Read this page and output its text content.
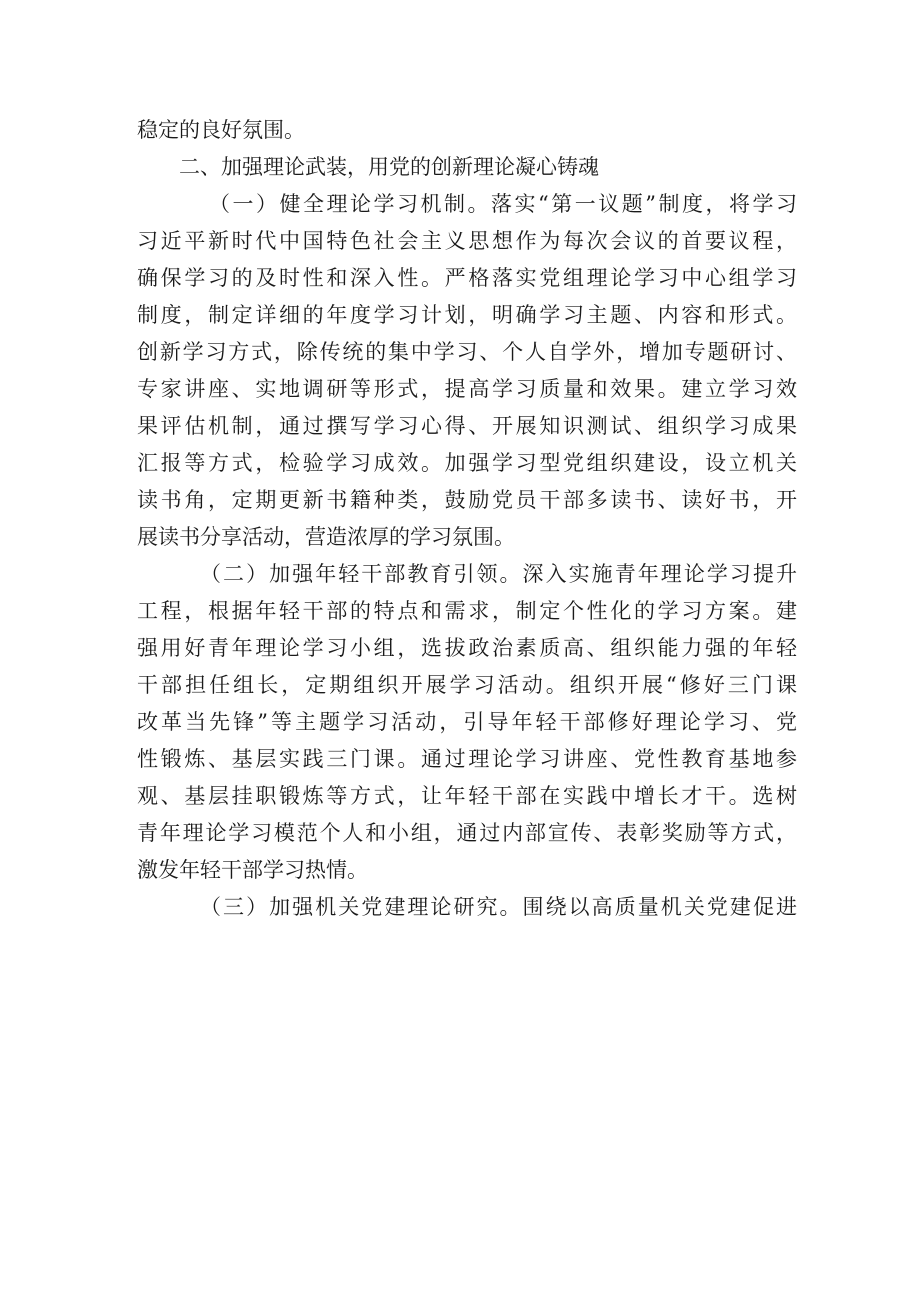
稳定的良好氛围。
二、加强理论武装，用党的创新理论凝心铸魂
（一）健全理论学习机制。落实“第一议题”制度，将学习
习近平新时代中国特色社会主义思想作为每次会议的首要议程，
确保学习的及时性和深入性。严格落实党组理论学习中心组学习
制度，制定详细的年度学习计划，明确学习主题、内容和形式。
创新学习方式，除传统的集中学习、个人自学外，增加专题研讨、
专家讲座、实地调研等形式，提高学习质量和效果。建立学习效
果评估机制，通过撰写学习心得、开展知识测试、组织学习成果
汇报等方式，检验学习成效。加强学习型党组织建设，设立机关
读书角，定期更新书籍种类，鼓励党员干部多读书、读好书，开
展读书分享活动，营造浓厚的学习氛围。
（二）加强年轻干部教育引领。深入实施青年理论学习提升
工程，根据年轻干部的特点和需求，制定个性化的学习方案。建
强用好青年理论学习小组，选拔政治素质高、组织能力强的年轻
干部担任组长，定期组织开展学习活动。组织开展“修好三门课
改革当先锋”等主题学习活动，引导年轻干部修好理论学习、党
性锻炼、基层实践三门课。通过理论学习讲座、党性教育基地参
观、基层挂职锻炼等方式，让年轻干部在实践中增长才干。选树
青年理论学习模范个人和小组，通过内部宣传、表彰奖励等方式，
激发年轻干部学习热情。
（三）加强机关党建理论研究。围绕以高质量机关党建促进
